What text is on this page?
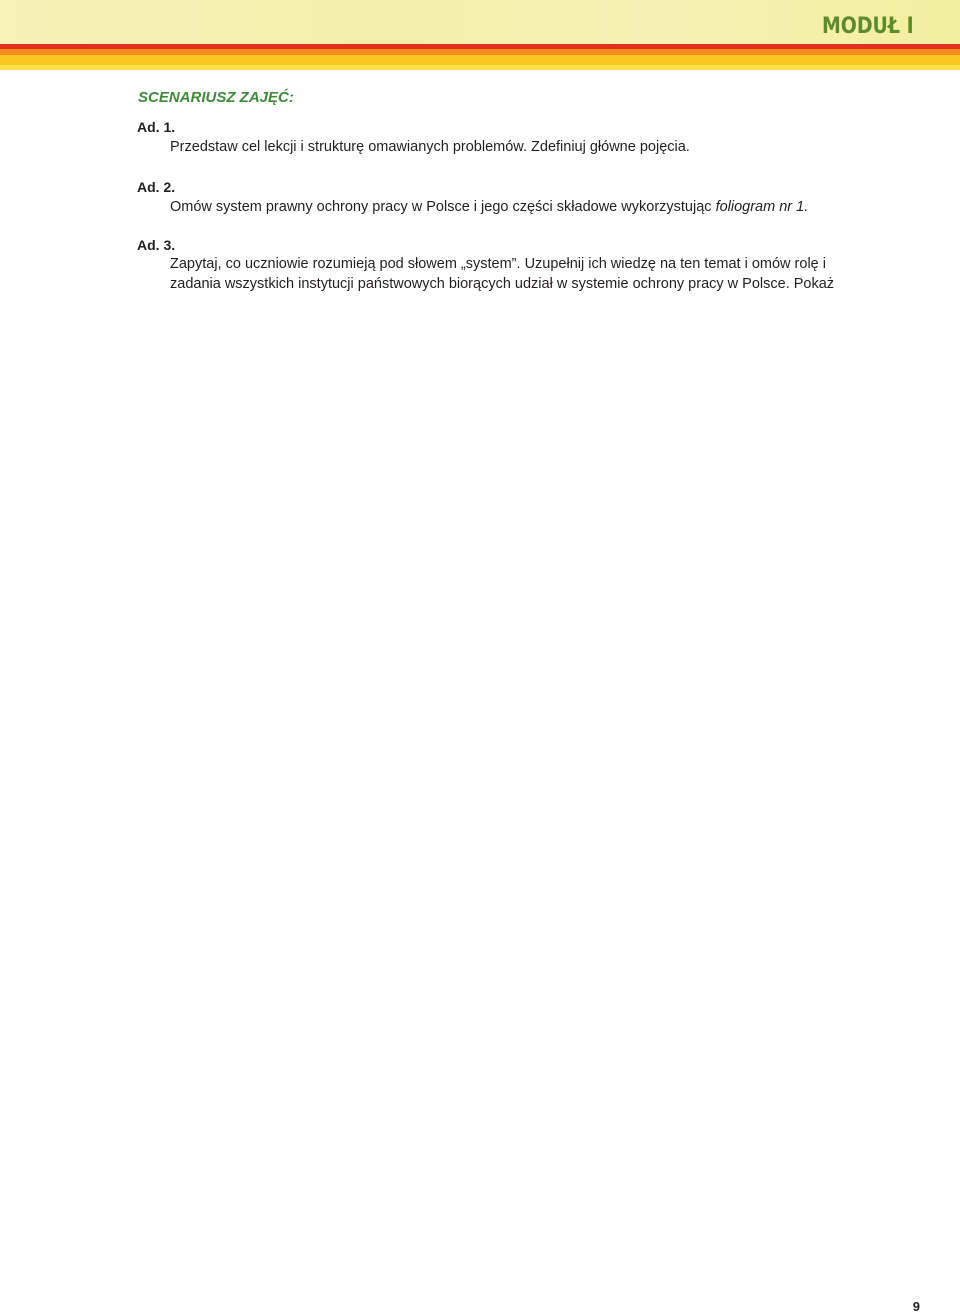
MODUŁ I
SCENARIUSZ ZAJĘĆ:
Ad. 1.
Przedstaw cel lekcji i strukturę omawianych problemów. Zdefiniuj główne pojęcia.
Ad. 2.
Omów system prawny ochrony pracy w Polsce i jego części składowe wykorzystując foliogram nr 1.
Ad. 3.
Zapytaj, co uczniowie rozumieją pod słowem „system”. Uzupełnij ich wiedzę na ten temat i omów rolę i zadania wszystkich instytucji państwowych biorących udział w systemie ochrony pracy w Polsce. Pokaż
9
